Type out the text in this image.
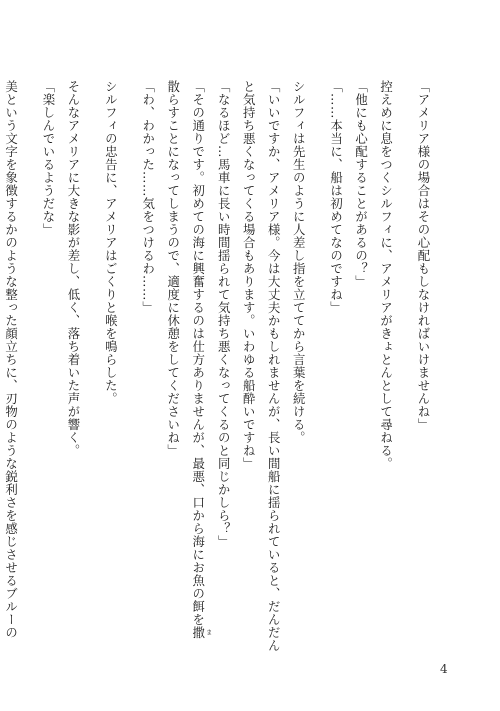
「アメリア様の場合はその心配もしなければいけませんね」
控えめに息をつくシルフィに、アメリアがきょとんとして尋ねる。
「他にも心配することがあるの？」
「……本当に、船は初めてなのですね」
シルフィは先生のように人差し指を立ててから言葉を続ける。
「いいですか、アメリア様。今は大丈夫かもしれませんが、長い間船に揺られていると、だんだん
と気持ち悪くなってくる場合もあります。いわゆる船酔いですね」
「なるほど…馬車に長い時間揺られて気持ち悪くなってくるのと同じかしら？」
「その通りです。初めての海に興奮するのは仕方ありませんが、最悪、口から海にお魚の餌を撒 ま
散らすことになってしまうので、適度に休憩をしてくださいね」
「わ、わかった……気をつけるわ……」
シルフィの忠告に、アメリアはごくりと喉を鳴らした。
そんなアメリアに大きな影が差し、低く、落ち着いた声が響く。
「楽しんでいるようだな」
美という文字を象徴するかのような整った顔立ちに、刃物のような鋭利さを感じさせるブルーの
4
